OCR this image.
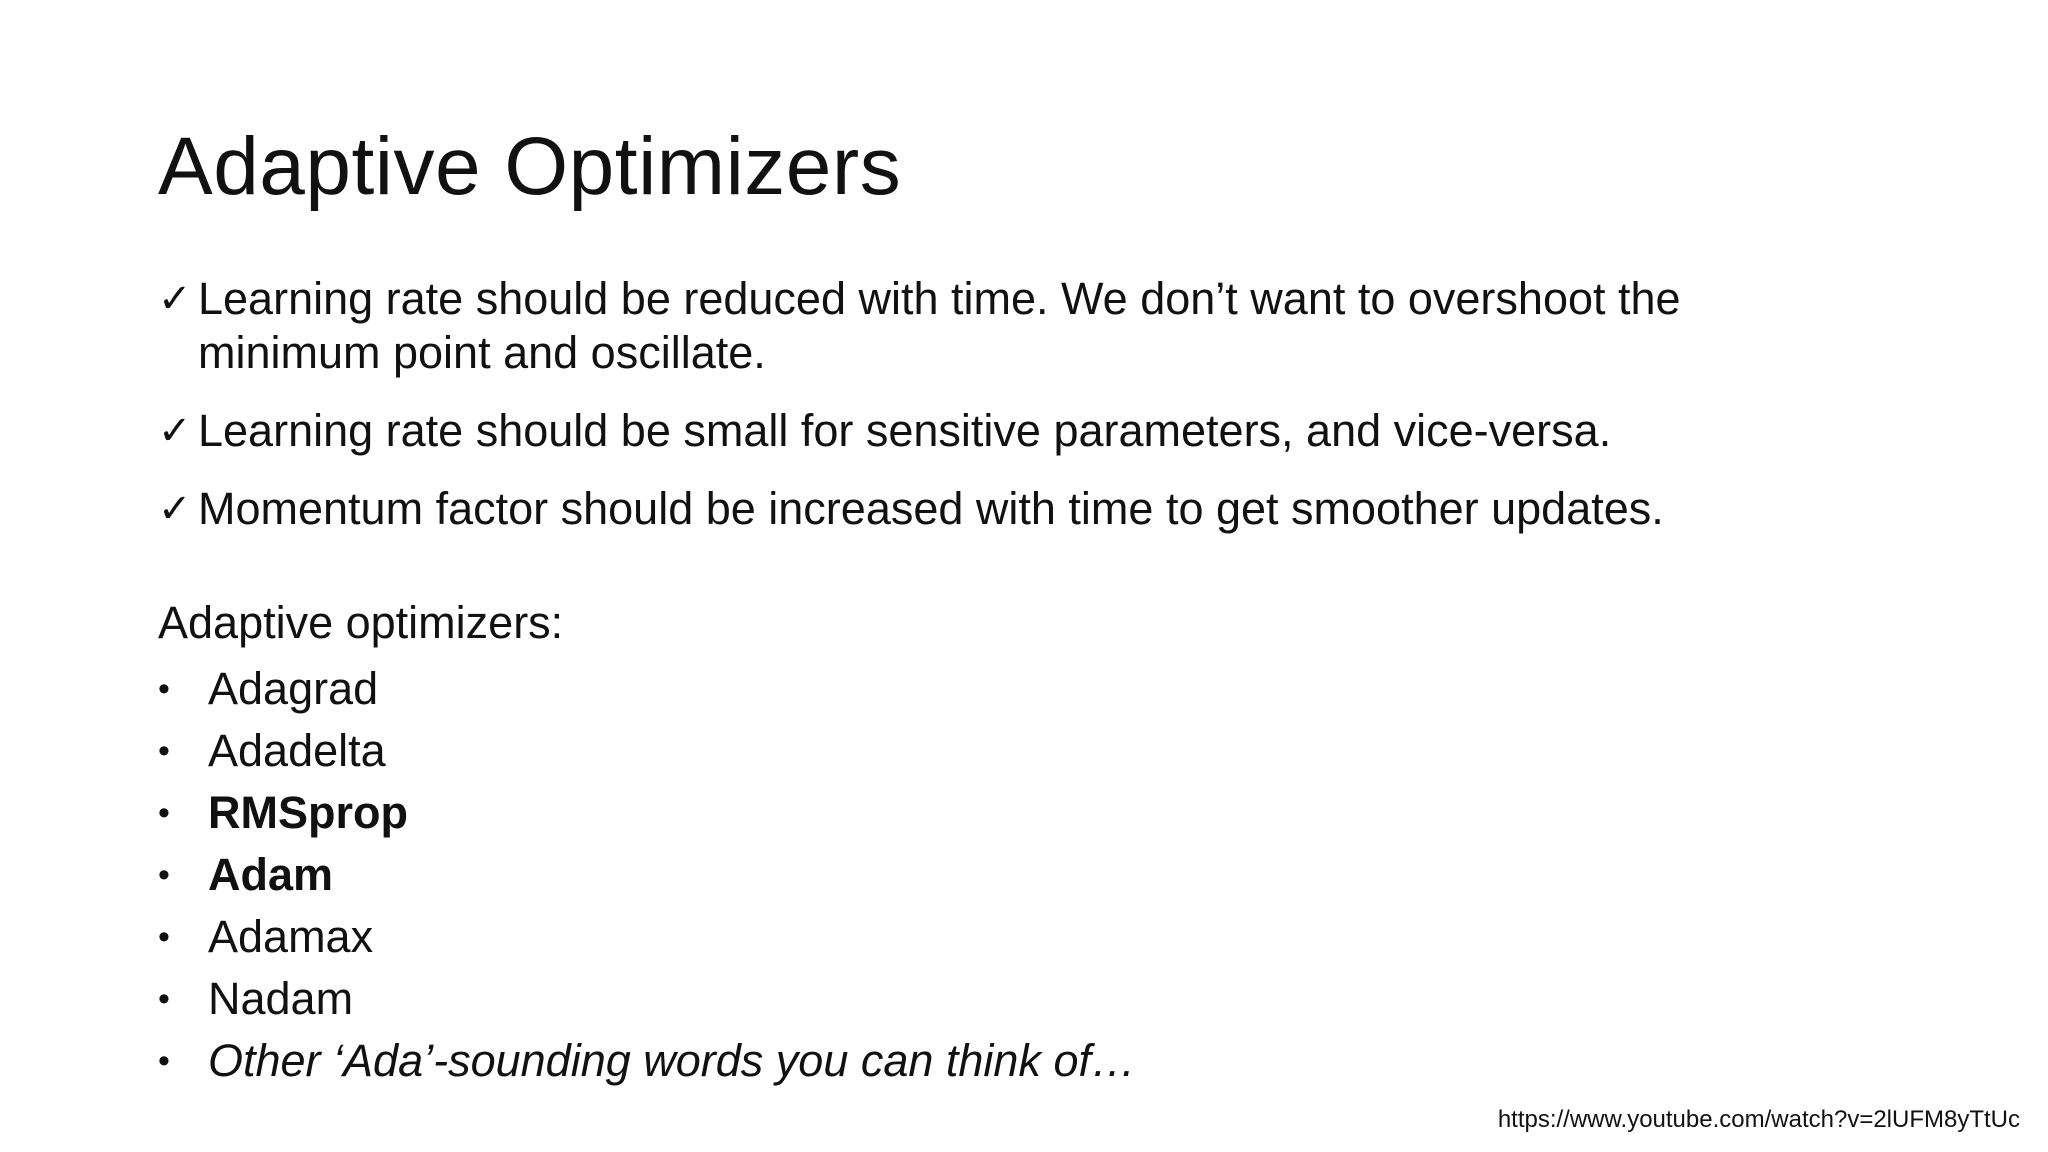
Adaptive Optimizers
✓ Learning rate should be reduced with time. We don’t want to overshoot the minimum point and oscillate.
✓ Learning rate should be small for sensitive parameters, and vice-versa.
✓ Momentum factor should be increased with time to get smoother updates.
Adaptive optimizers:
• Adagrad
• Adadelta
• RMSprop
• Adam
• Adamax
• Nadam
• Other ‘Ada’-sounding words you can think of…
https://www.youtube.com/watch?v=2lUFM8yTtUc
